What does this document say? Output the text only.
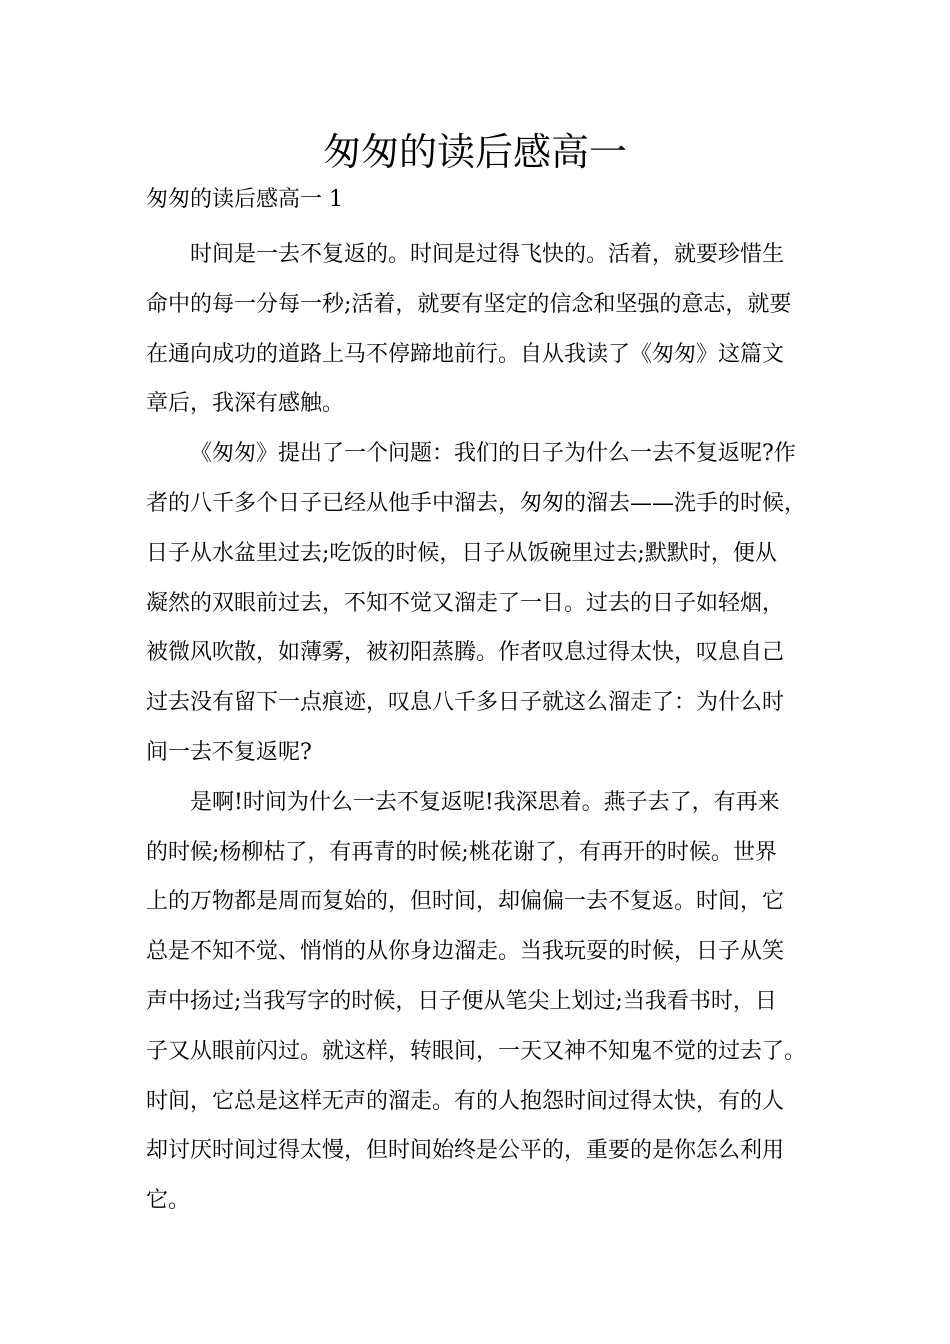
匆匆的读后感高一
匆匆的读后感高一 1

时间是一去不复返的。时间是过得飞快的。活着，就要珍惜生
命中的每一分每一秒;活着，就要有坚定的信念和坚强的意志，就要
在通向成功的道路上马不停蹄地前行。自从我读了《匆匆》这篇文
章后，我深有感触。

《匆匆》提出了一个问题：我们的日子为什么一去不复返呢?作
者的八千多个日子已经从他手中溜去，匆匆的溜去——洗手的时候，
日子从水盆里过去;吃饭的时候，日子从饭碗里过去;默默时，便从
凝然的双眼前过去，不知不觉又溜走了一日。过去的日子如轻烟，
被微风吹散，如薄雾，被初阳蒸腾。作者叹息过得太快，叹息自己
过去没有留下一点痕迹，叹息八千多日子就这么溜走了：为什么时
间一去不复返呢?

是啊!时间为什么一去不复返呢!我深思着。燕子去了，有再来
的时候;杨柳枯了，有再青的时候;桃花谢了，有再开的时候。世界
上的万物都是周而复始的，但时间，却偏偏一去不复返。时间，它
总是不知不觉、悄悄的从你身边溜走。当我玩耍的时候，日子从笑
声中扬过;当我写字的时候，日子便从笔尖上划过;当我看书时，日
子又从眼前闪过。就这样，转眼间，一天又神不知鬼不觉的过去了。
时间，它总是这样无声的溜走。有的人抱怨时间过得太快，有的人
却讨厌时间过得太慢，但时间始终是公平的，重要的是你怎么利用
它。
